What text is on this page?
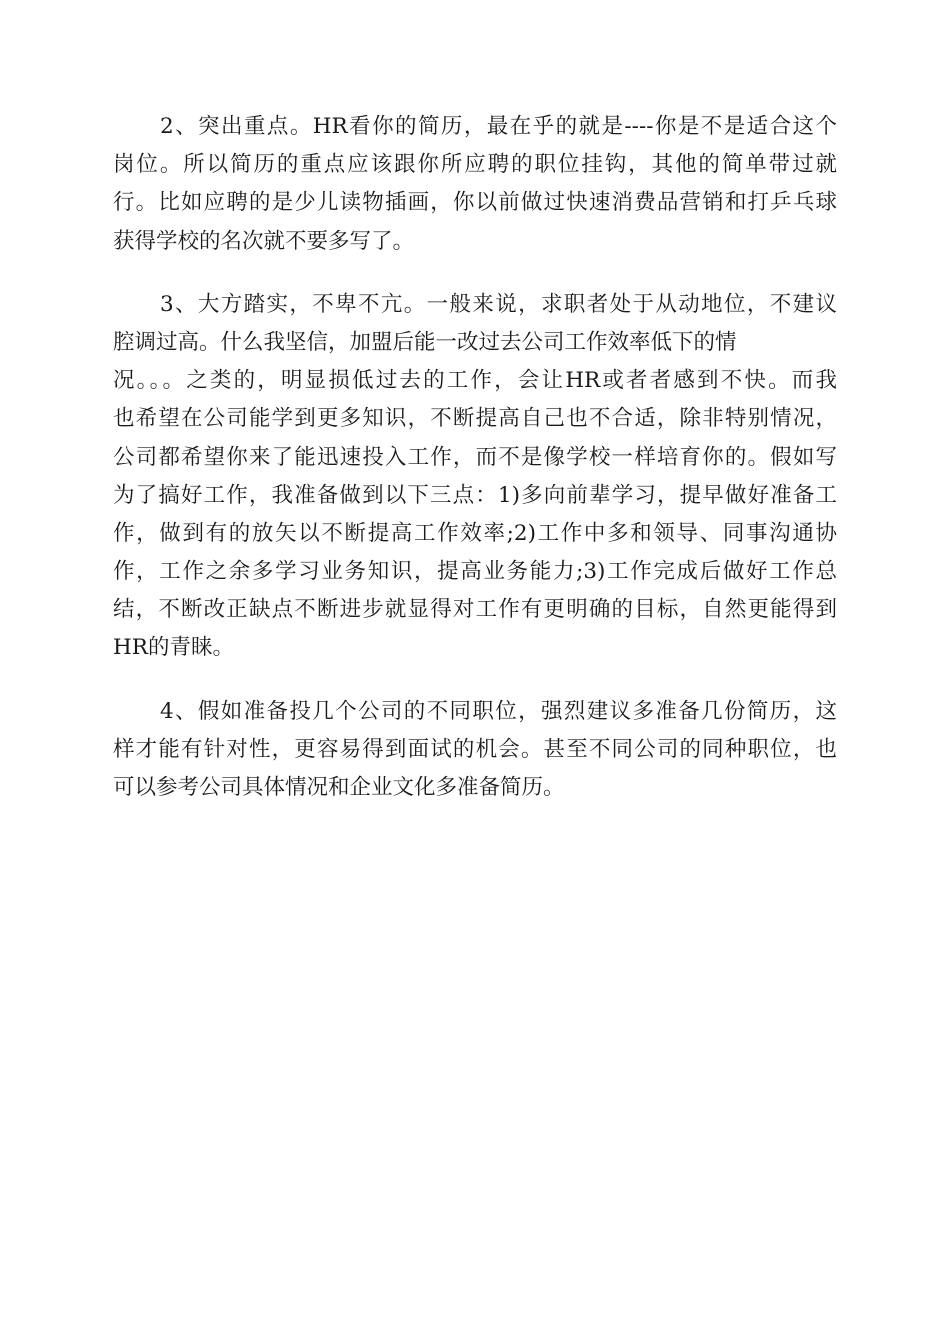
2、突出重点。HR看你的简历，最在乎的就是----你是不是适合这个
岗位。所以简历的重点应该跟你所应聘的职位挂钩，其他的简单带过就
行。比如应聘的是少儿读物插画，你以前做过快速消费品营销和打乒乓球
获得学校的名次就不要多写了。
3、大方踏实，不卑不亢。一般来说，求职者处于从动地位，不建议
腔调过高。什么我坚信，加盟后能一改过去公司工作效率低下的情
况。。。之类的，明显损低过去的工作，会让HR或者者感到不快。而我
也希望在公司能学到更多知识，不断提高自己也不合适，除非特别情况，
公司都希望你来了能迅速投入工作，而不是像学校一样培育你的。假如写
为了搞好工作，我准备做到以下三点：1)多向前辈学习，提早做好准备工
作，做到有的放矢以不断提高工作效率;2)工作中多和领导、同事沟通协
作，工作之余多学习业务知识，提高业务能力;3)工作完成后做好工作总
结，不断改正缺点不断进步就显得对工作有更明确的目标，自然更能得到
HR的青睐。
4、假如准备投几个公司的不同职位，强烈建议多准备几份简历，这
样才能有针对性，更容易得到面试的机会。甚至不同公司的同种职位，也
可以参考公司具体情况和企业文化多准备简历。
